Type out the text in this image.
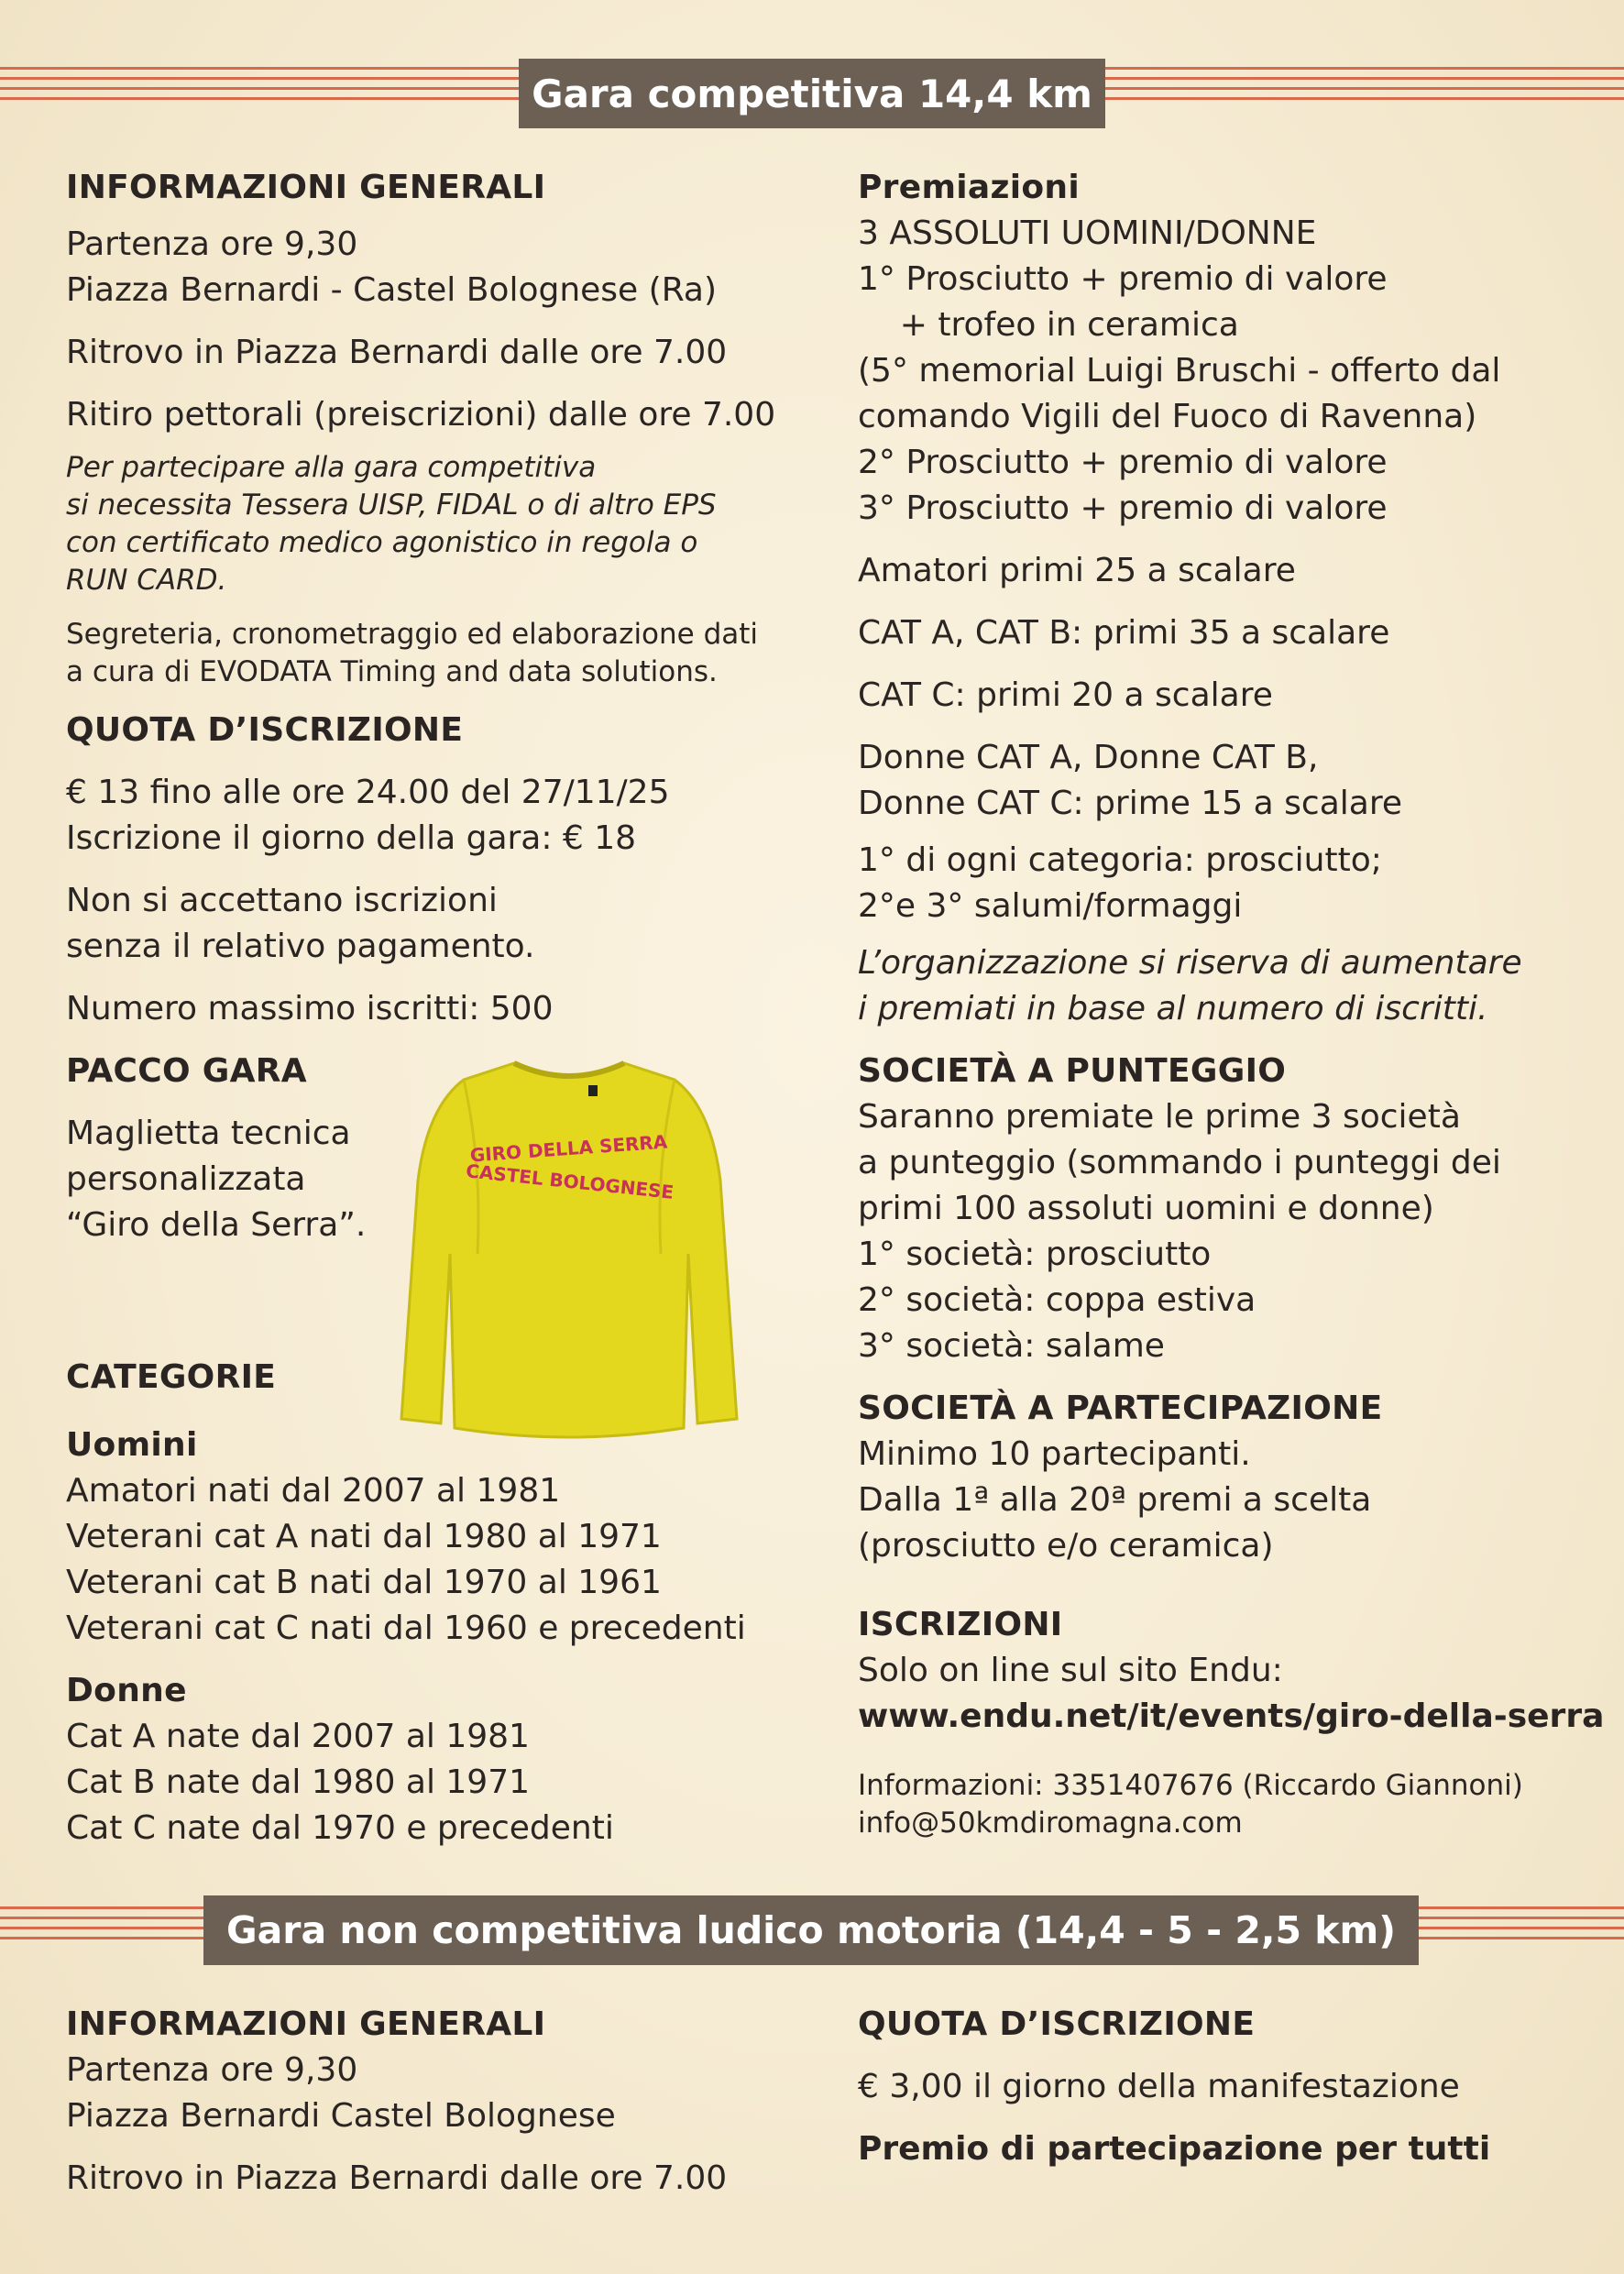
Gara competitiva 14,4 km

INFORMAZIONI GENERALI

Partenza ore 9,30

Piazza Bernardi - Castel Bolognese (Ra)

Ritrovo in Piazza Bernardi dalle ore 7.00

Ritiro pettorali (preiscrizioni) dalle ore 7.00

Per partecipare alla gara competitiva

si necessita Tessera UISP, FIDAL o di altro EPS

con certificato medico agonistico in regola o

RUN CARD.

Segreteria, cronometraggio ed elaborazione dati

a cura di EVODATA Timing and data solutions.

QUOTA D’ISCRIZIONE

€ 13 fino alle ore 24.00 del 27/11/25

Iscrizione il giorno della gara: € 18

Non si accettano iscrizioni

senza il relativo pagamento.

Numero massimo iscritti: 500

PACCO GARA

Maglietta tecnica

personalizzata

“Giro della Serra”.

GIRO DELLA SERRA
CASTEL BOLOGNESE

CATEGORIE

Uomini

Amatori nati dal 2007 al 1981

Veterani cat A nati dal 1980 al 1971

Veterani cat B nati dal 1970 al 1961

Veterani cat C nati dal 1960 e precedenti

Donne

Cat A nate dal 2007 al 1981

Cat B nate dal 1980 al 1971

Cat C nate dal 1970 e precedenti

Premiazioni

3 ASSOLUTI UOMINI/DONNE

1° Prosciutto + premio di valore

+ trofeo in ceramica

(5° memorial Luigi Bruschi - offerto dal

comando Vigili del Fuoco di Ravenna)

2° Prosciutto + premio di valore

3° Prosciutto + premio di valore

Amatori primi 25 a scalare

CAT A, CAT B: primi 35 a scalare

CAT C: primi 20 a scalare

Donne CAT A, Donne CAT B,

Donne CAT C: prime 15 a scalare

1° di ogni categoria: prosciutto;

2°e 3° salumi/formaggi

L’organizzazione si riserva di aumentare

i premiati in base al numero di iscritti.

SOCIETÀ A PUNTEGGIO

Saranno premiate le prime 3 società

a punteggio (sommando i punteggi dei

primi 100 assoluti uomini e donne)

1° società: prosciutto

2° società: coppa estiva

3° società: salame

SOCIETÀ A PARTECIPAZIONE

Minimo 10 partecipanti.

Dalla 1ª alla 20ª premi a scelta

(prosciutto e/o ceramica)

ISCRIZIONI

Solo on line sul sito Endu:

www.endu.net/it/events/giro-della-serra

Informazioni: 3351407676 (Riccardo Giannoni)

info@50kmdiromagna.com

Gara non competitiva ludico motoria (14,4 - 5 - 2,5 km)

INFORMAZIONI GENERALI

Partenza ore 9,30

Piazza Bernardi Castel Bolognese

Ritrovo in Piazza Bernardi dalle ore 7.00

QUOTA D’ISCRIZIONE

€ 3,00 il giorno della manifestazione

Premio di partecipazione per tutti
